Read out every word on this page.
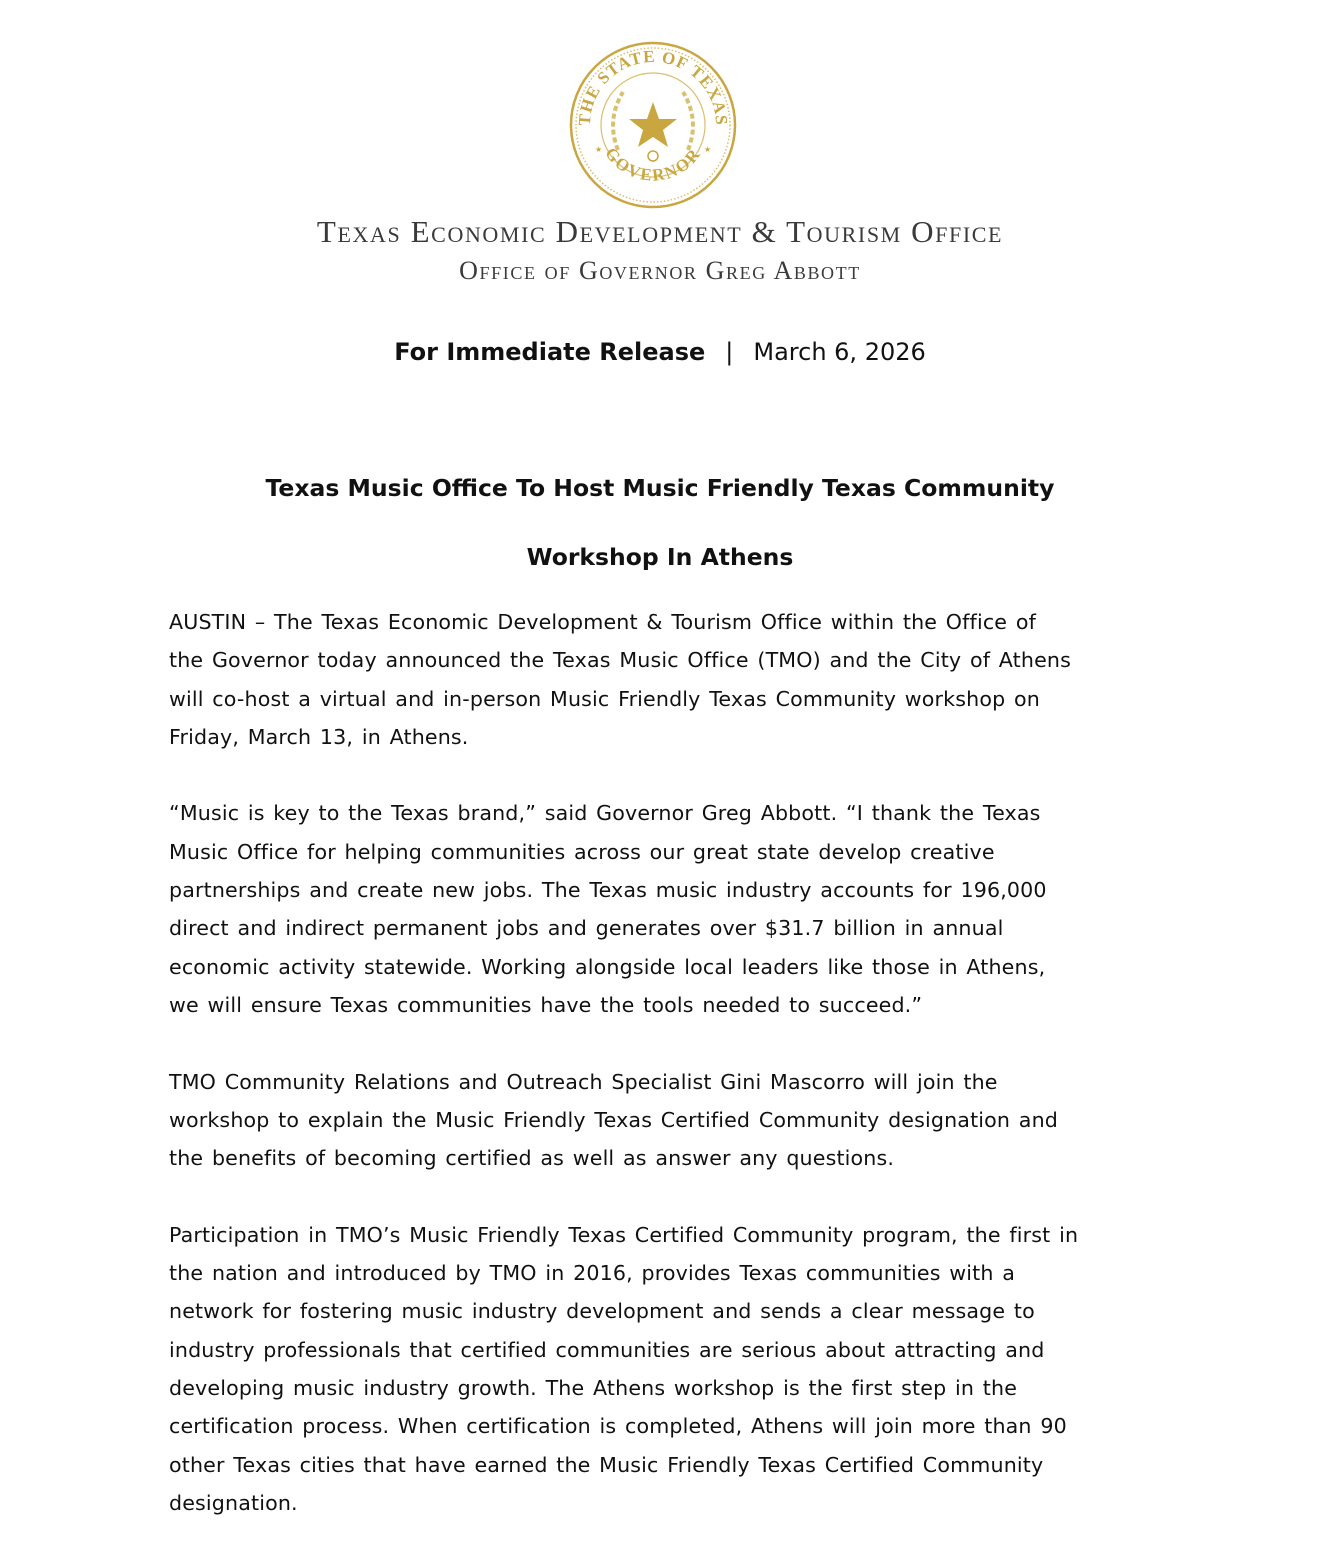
THE STATE OF TEXAS
GOVERNOR
★	★
Texas Economic Development & Tourism Office
Office of Governor Greg Abbott
For Immediate Release | March 6, 2026
Texas Music Office To Host Music Friendly Texas Community
Workshop In Athens

AUSTIN – The Texas Economic Development & Tourism Office within the Office of
the Governor today announced the Texas Music Office (TMO) and the City of Athens
will co-host a virtual and in-person Music Friendly Texas Community workshop on
Friday, March 13, in Athens.

“Music is key to the Texas brand,” said Governor Greg Abbott. “I thank the Texas
Music Office for helping communities across our great state develop creative
partnerships and create new jobs. The Texas music industry accounts for 196,000
direct and indirect permanent jobs and generates over $31.7 billion in annual
economic activity statewide. Working alongside local leaders like those in Athens,
we will ensure Texas communities have the tools needed to succeed.”

TMO Community Relations and Outreach Specialist Gini Mascorro will join the
workshop to explain the Music Friendly Texas Certified Community designation and
the benefits of becoming certified as well as answer any questions.

Participation in TMO’s Music Friendly Texas Certified Community program, the first in
the nation and introduced by TMO in 2016, provides Texas communities with a
network for fostering music industry development and sends a clear message to
industry professionals that certified communities are serious about attracting and
developing music industry growth. The Athens workshop is the first step in the
certification process. When certification is completed, Athens will join more than 90
other Texas cities that have earned the Music Friendly Texas Certified Community
designation.
